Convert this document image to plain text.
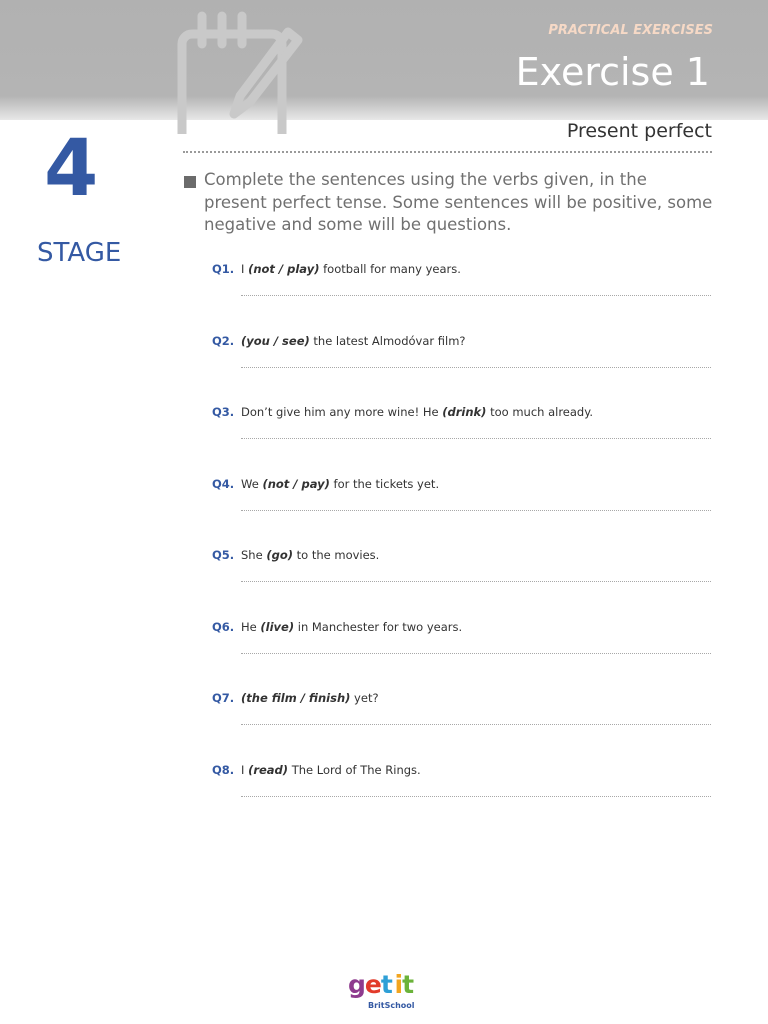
PRACTICAL EXERCISES
Exercise 1
Present perfect
4
STAGE
Complete the sentences using the verbs given, in the present perfect tense. Some sentences will be positive, some negative and some will be questions.
Q1. I (not / play) football for many years.
Q2. (you / see) the latest Almodóvar film?
Q3. Don’t give him any more wine! He (drink) too much already.
Q4. We (not / pay) for the tickets yet.
Q5. She (go) to the movies.
Q6. He (live) in Manchester for two years.
Q7. (the film / finish) yet?
Q8. I (read) The Lord of The Rings.
get it
BritSchool
